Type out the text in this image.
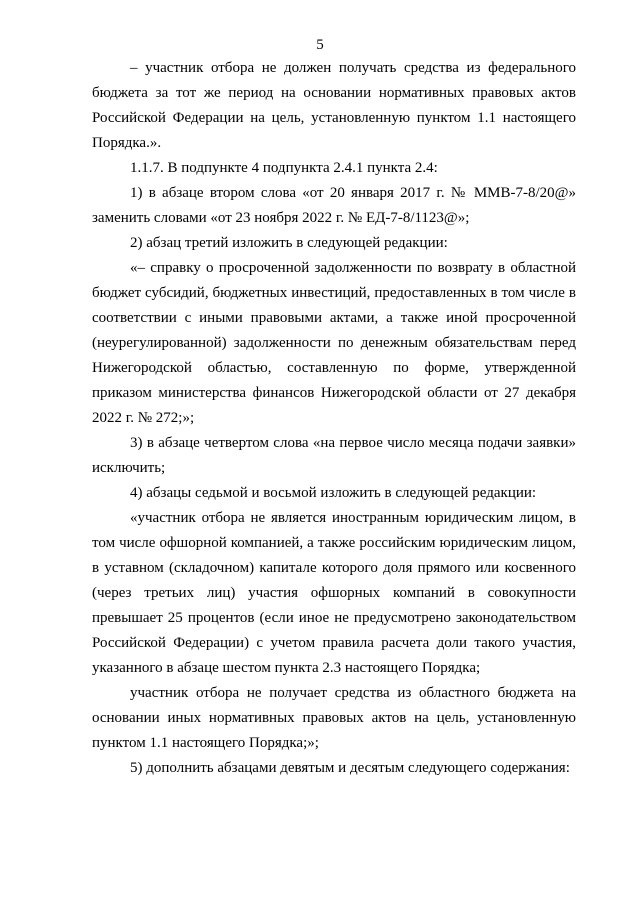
5

– участник отбора не должен получать средства из федерального бюджета за тот же период на основании нормативных правовых актов Российской Федерации на цель, установленную пунктом 1.1 настоящего Порядка.».

1.1.7. В подпункте 4 подпункта 2.4.1 пункта 2.4:

1) в абзаце втором слова «от 20 января 2017 г. № ММВ-7-8/20@» заменить словами «от 23 ноября 2022 г. № ЕД-7-8/1123@»;

2) абзац третий изложить в следующей редакции:

«– справку о просроченной задолженности по возврату в областной бюджет субсидий, бюджетных инвестиций, предоставленных в том числе в соответствии с иными правовыми актами, а также иной просроченной (неурегулированной) задолженности по денежным обязательствам перед Нижегородской областью, составленную по форме, утвержденной приказом министерства финансов Нижегородской области от 27 декабря 2022 г. № 272;»;

3) в абзаце четвертом слова «на первое число месяца подачи заявки» исключить;

4) абзацы седьмой и восьмой изложить в следующей редакции:

«участник отбора не является иностранным юридическим лицом, в том числе офшорной компанией, а также российским юридическим лицом, в уставном (складочном) капитале которого доля прямого или косвенного (через третьих лиц) участия офшорных компаний в совокупности превышает 25 процентов (если иное не предусмотрено законодательством Российской Федерации) с учетом правила расчета доли такого участия, указанного в абзаце шестом пункта 2.3 настоящего Порядка;

участник отбора не получает средства из областного бюджета на основании иных нормативных правовых актов на цель, установленную пунктом 1.1 настоящего Порядка;»;

5) дополнить абзацами девятым и десятым следующего содержания:
